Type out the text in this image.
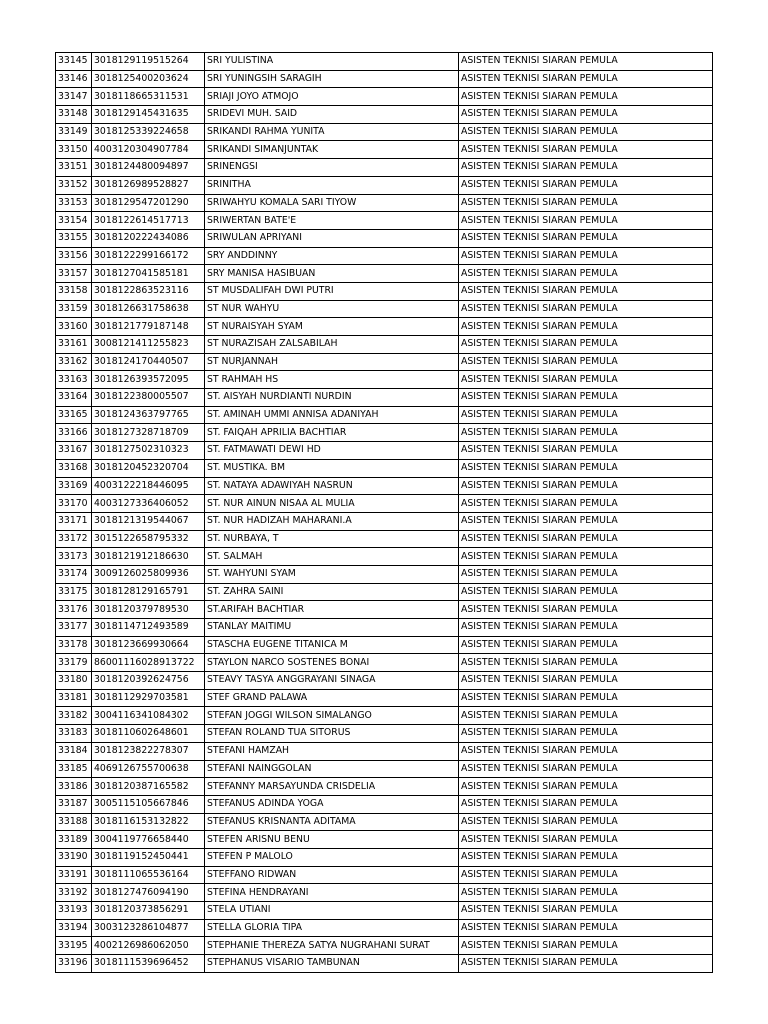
33145	3018129119515264	SRI YULISTINA	ASISTEN TEKNISI SIARAN PEMULA
33146	3018125400203624	SRI YUNINGSIH SARAGIH	ASISTEN TEKNISI SIARAN PEMULA
33147	3018118665311531	SRIAJI JOYO ATMOJO	ASISTEN TEKNISI SIARAN PEMULA
33148	3018129145431635	SRIDEVI MUH. SAID	ASISTEN TEKNISI SIARAN PEMULA
33149	3018125339224658	SRIKANDI RAHMA YUNITA	ASISTEN TEKNISI SIARAN PEMULA
33150	4003120304907784	SRIKANDI SIMANJUNTAK	ASISTEN TEKNISI SIARAN PEMULA
33151	3018124480094897	SRINENGSI	ASISTEN TEKNISI SIARAN PEMULA
33152	3018126989528827	SRINITHA	ASISTEN TEKNISI SIARAN PEMULA
33153	3018129547201290	SRIWAHYU KOMALA SARI TIYOW	ASISTEN TEKNISI SIARAN PEMULA
33154	3018122614517713	SRIWERTAN BATE'E	ASISTEN TEKNISI SIARAN PEMULA
33155	3018120222434086	SRIWULAN APRIYANI	ASISTEN TEKNISI SIARAN PEMULA
33156	3018122299166172	SRY ANDDINNY	ASISTEN TEKNISI SIARAN PEMULA
33157	3018127041585181	SRY MANISA HASIBUAN	ASISTEN TEKNISI SIARAN PEMULA
33158	3018122863523116	ST MUSDALIFAH DWI PUTRI	ASISTEN TEKNISI SIARAN PEMULA
33159	3018126631758638	ST NUR WAHYU	ASISTEN TEKNISI SIARAN PEMULA
33160	3018121779187148	ST NURAISYAH SYAM	ASISTEN TEKNISI SIARAN PEMULA
33161	3008121411255823	ST NURAZISAH ZALSABILAH	ASISTEN TEKNISI SIARAN PEMULA
33162	3018124170440507	ST NURJANNAH	ASISTEN TEKNISI SIARAN PEMULA
33163	3018126393572095	ST RAHMAH HS	ASISTEN TEKNISI SIARAN PEMULA
33164	3018122380005507	ST. AISYAH NURDIANTI NURDIN	ASISTEN TEKNISI SIARAN PEMULA
33165	3018124363797765	ST. AMINAH UMMI ANNISA ADANIYAH	ASISTEN TEKNISI SIARAN PEMULA
33166	3018127328718709	ST. FAIQAH APRILIA BACHTIAR	ASISTEN TEKNISI SIARAN PEMULA
33167	3018127502310323	ST. FATMAWATI DEWI HD	ASISTEN TEKNISI SIARAN PEMULA
33168	3018120452320704	ST. MUSTIKA. BM	ASISTEN TEKNISI SIARAN PEMULA
33169	4003122218446095	ST. NATAYA ADAWIYAH NASRUN	ASISTEN TEKNISI SIARAN PEMULA
33170	4003127336406052	ST. NUR AINUN NISAA AL MULIA	ASISTEN TEKNISI SIARAN PEMULA
33171	3018121319544067	ST. NUR HADIZAH MAHARANI.A	ASISTEN TEKNISI SIARAN PEMULA
33172	3015122658795332	ST. NURBAYA, T	ASISTEN TEKNISI SIARAN PEMULA
33173	3018121912186630	ST. SALMAH	ASISTEN TEKNISI SIARAN PEMULA
33174	3009126025809936	ST. WAHYUNI SYAM	ASISTEN TEKNISI SIARAN PEMULA
33175	3018128129165791	ST. ZAHRA SAINI	ASISTEN TEKNISI SIARAN PEMULA
33176	3018120379789530	ST.ARIFAH BACHTIAR	ASISTEN TEKNISI SIARAN PEMULA
33177	3018114712493589	STANLAY MAITIMU	ASISTEN TEKNISI SIARAN PEMULA
33178	3018123669930664	STASCHA EUGENE TITANICA M	ASISTEN TEKNISI SIARAN PEMULA
33179	86001116028913722	STAYLON NARCO SOSTENES BONAI	ASISTEN TEKNISI SIARAN PEMULA
33180	3018120392624756	STEAVY TASYA ANGGRAYANI SINAGA	ASISTEN TEKNISI SIARAN PEMULA
33181	3018112929703581	STEF GRAND PALAWA	ASISTEN TEKNISI SIARAN PEMULA
33182	3004116341084302	STEFAN JOGGI WILSON SIMALANGO	ASISTEN TEKNISI SIARAN PEMULA
33183	3018110602648601	STEFAN ROLAND TUA SITORUS	ASISTEN TEKNISI SIARAN PEMULA
33184	3018123822278307	STEFANI HAMZAH	ASISTEN TEKNISI SIARAN PEMULA
33185	4069126755700638	STEFANI NAINGGOLAN	ASISTEN TEKNISI SIARAN PEMULA
33186	3018120387165582	STEFANNY MARSAYUNDA CRISDELIA	ASISTEN TEKNISI SIARAN PEMULA
33187	3005115105667846	STEFANUS ADINDA YOGA	ASISTEN TEKNISI SIARAN PEMULA
33188	3018116153132822	STEFANUS KRISNANTA ADITAMA	ASISTEN TEKNISI SIARAN PEMULA
33189	3004119776658440	STEFEN ARISNU BENU	ASISTEN TEKNISI SIARAN PEMULA
33190	3018119152450441	STEFEN P MALOLO	ASISTEN TEKNISI SIARAN PEMULA
33191	3018111065536164	STEFFANO RIDWAN	ASISTEN TEKNISI SIARAN PEMULA
33192	3018127476094190	STEFINA HENDRAYANI	ASISTEN TEKNISI SIARAN PEMULA
33193	3018120373856291	STELA UTIANI	ASISTEN TEKNISI SIARAN PEMULA
33194	3003123286104877	STELLA GLORIA TIPA	ASISTEN TEKNISI SIARAN PEMULA
33195	4002126986062050	STEPHANIE THEREZA SATYA NUGRAHANI SURAT	ASISTEN TEKNISI SIARAN PEMULA
33196	3018111539696452	STEPHANUS VISARIO TAMBUNAN	ASISTEN TEKNISI SIARAN PEMULA
